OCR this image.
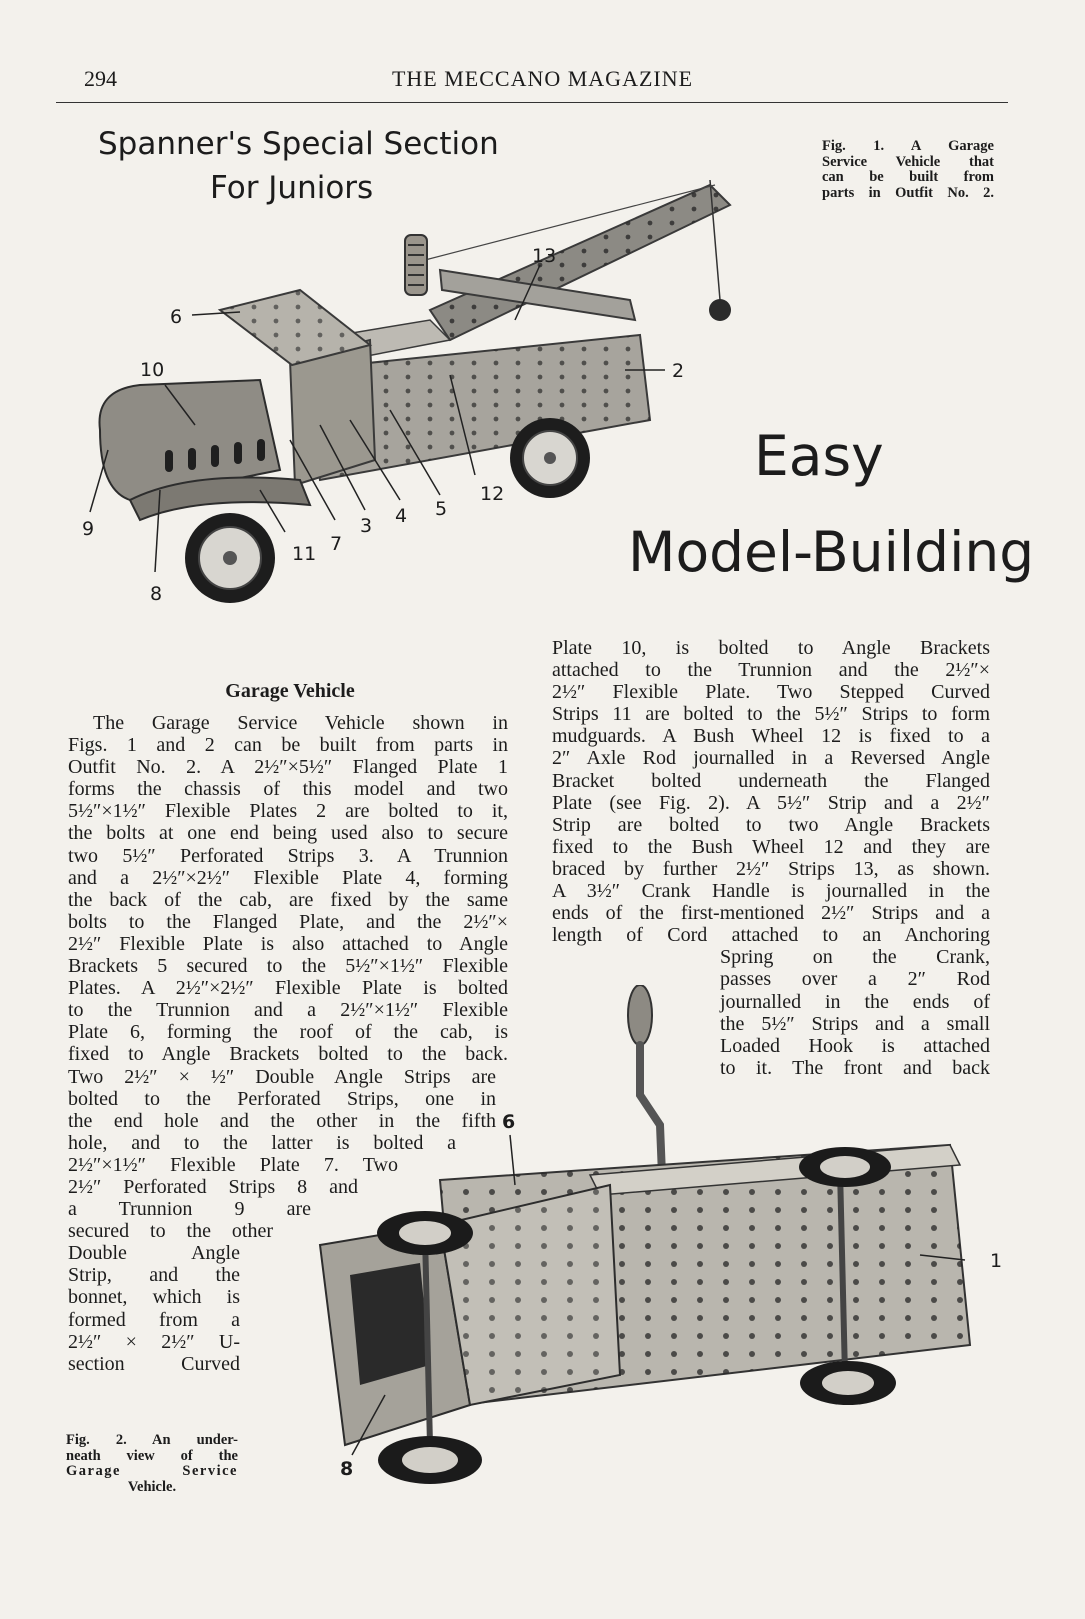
294	THE MECCANO MAGAZINE
Spanner's Special Section
For Juniors
Fig. 1. A Garage
Service Vehicle that
can be built from
parts in Outfit No. 2.
13
6
10	2
12
5
4
3
7
11
9
8
Easy
Model-Building
Garage Vehicle
The Garage Service Vehicle shown in
Figs. 1 and 2 can be built from parts in
Outfit No. 2. A 2½″×5½″ Flanged Plate 1
forms the chassis of this model and two
5½″×1½″ Flexible Plates 2 are bolted to it,
the bolts at one end being used also to secure
two 5½″ Perforated Strips 3. A Trunnion
and a 2½″×2½″ Flexible Plate 4, forming
the back of the cab, are fixed by the same
bolts to the Flanged Plate, and the 2½″×
2½″ Flexible Plate is also attached to Angle
Brackets 5 secured to the 5½″×1½″ Flexible
Plates. A 2½″×2½″ Flexible Plate is bolted
to the Trunnion and a 2½″×1½″ Flexible
Plate 6, forming the roof of the cab, is
fixed to Angle Brackets bolted to the back.
Two 2½″ × ½″ Double Angle Strips are
bolted to the Perforated Strips, one in
the end hole and the other in the fifth
hole, and to the latter is bolted a
2½″×1½″ Flexible Plate 7. Two
2½″ Perforated Strips 8 and
a Trunnion 9 are
secured to the other
Double Angle
Strip, and the
bonnet, which is
formed from a
2½″ × 2½″ U-
section Curved
Plate 10, is bolted to Angle Brackets
attached to the Trunnion and the 2½″×
2½″ Flexible Plate. Two Stepped Curved
Strips 11 are bolted to the 5½″ Strips to form
mudguards. A Bush Wheel 12 is fixed to a
2″ Axle Rod journalled in a Reversed Angle
Bracket bolted underneath the Flanged
Plate (see Fig. 2). A 5½″ Strip and a 2½″
Strip are bolted to two Angle Brackets
fixed to the Bush Wheel 12 and they are
braced by further 2½″ Strips 13, as shown.
A 3½″ Crank Handle is journalled in the
ends of the first-mentioned 2½″ Strips and a
length of Cord attached to an Anchoring
Spring on the Crank,
passes over a 2″ Rod
journalled in the ends of
the 5½″ Strips and a small
Loaded Hook is attached
to it. The front and back
6
1
8
Fig. 2. An under-
neath view of the
Garage Service
Vehicle.
